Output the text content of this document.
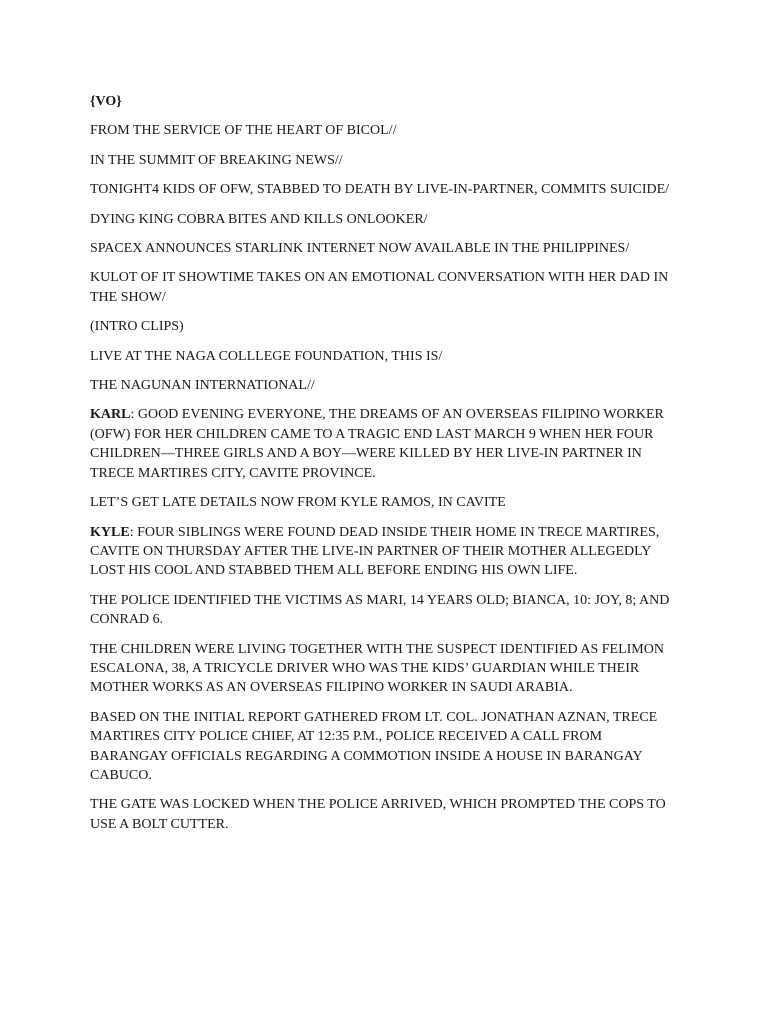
{VO}

FROM THE SERVICE OF THE HEART OF BICOL//

IN THE SUMMIT OF BREAKING NEWS//

TONIGHT4 KIDS OF OFW, STABBED TO DEATH BY LIVE-IN-PARTNER, COMMITS SUICIDE/

DYING KING COBRA BITES AND KILLS ONLOOKER/

SPACEX ANNOUNCES STARLINK INTERNET NOW AVAILABLE IN THE PHILIPPINES/

KULOT OF IT SHOWTIME TAKES ON AN EMOTIONAL CONVERSATION WITH HER DAD IN THE SHOW/

(INTRO CLIPS)

LIVE AT THE NAGA COLLLEGE FOUNDATION, THIS IS/

THE NAGUNAN INTERNATIONAL//

KARL: GOOD EVENING EVERYONE, THE DREAMS OF AN OVERSEAS FILIPINO WORKER (OFW) FOR HER CHILDREN CAME TO A TRAGIC END LAST MARCH 9 WHEN HER FOUR CHILDREN—THREE GIRLS AND A BOY—WERE KILLED BY HER LIVE-IN PARTNER IN TRECE MARTIRES CITY, CAVITE PROVINCE.

LET’S GET LATE DETAILS NOW FROM KYLE RAMOS, IN CAVITE

KYLE: FOUR SIBLINGS WERE FOUND DEAD INSIDE THEIR HOME IN TRECE MARTIRES, CAVITE ON THURSDAY AFTER THE LIVE-IN PARTNER OF THEIR MOTHER ALLEGEDLY LOST HIS COOL AND STABBED THEM ALL BEFORE ENDING HIS OWN LIFE.

THE POLICE IDENTIFIED THE VICTIMS AS MARI, 14 YEARS OLD; BIANCA, 10: JOY, 8; AND CONRAD 6.

THE CHILDREN WERE LIVING TOGETHER WITH THE SUSPECT IDENTIFIED AS FELIMON ESCALONA, 38, A TRICYCLE DRIVER WHO WAS THE KIDS’ GUARDIAN WHILE THEIR MOTHER WORKS AS AN OVERSEAS FILIPINO WORKER IN SAUDI ARABIA.

BASED ON THE INITIAL REPORT GATHERED FROM LT. COL. JONATHAN AZNAN, TRECE MARTIRES CITY POLICE CHIEF, AT 12:35 P.M., POLICE RECEIVED A CALL FROM BARANGAY OFFICIALS REGARDING A COMMOTION INSIDE A HOUSE IN BARANGAY CABUCO.

THE GATE WAS LOCKED WHEN THE POLICE ARRIVED, WHICH PROMPTED THE COPS TO USE A BOLT CUTTER.
